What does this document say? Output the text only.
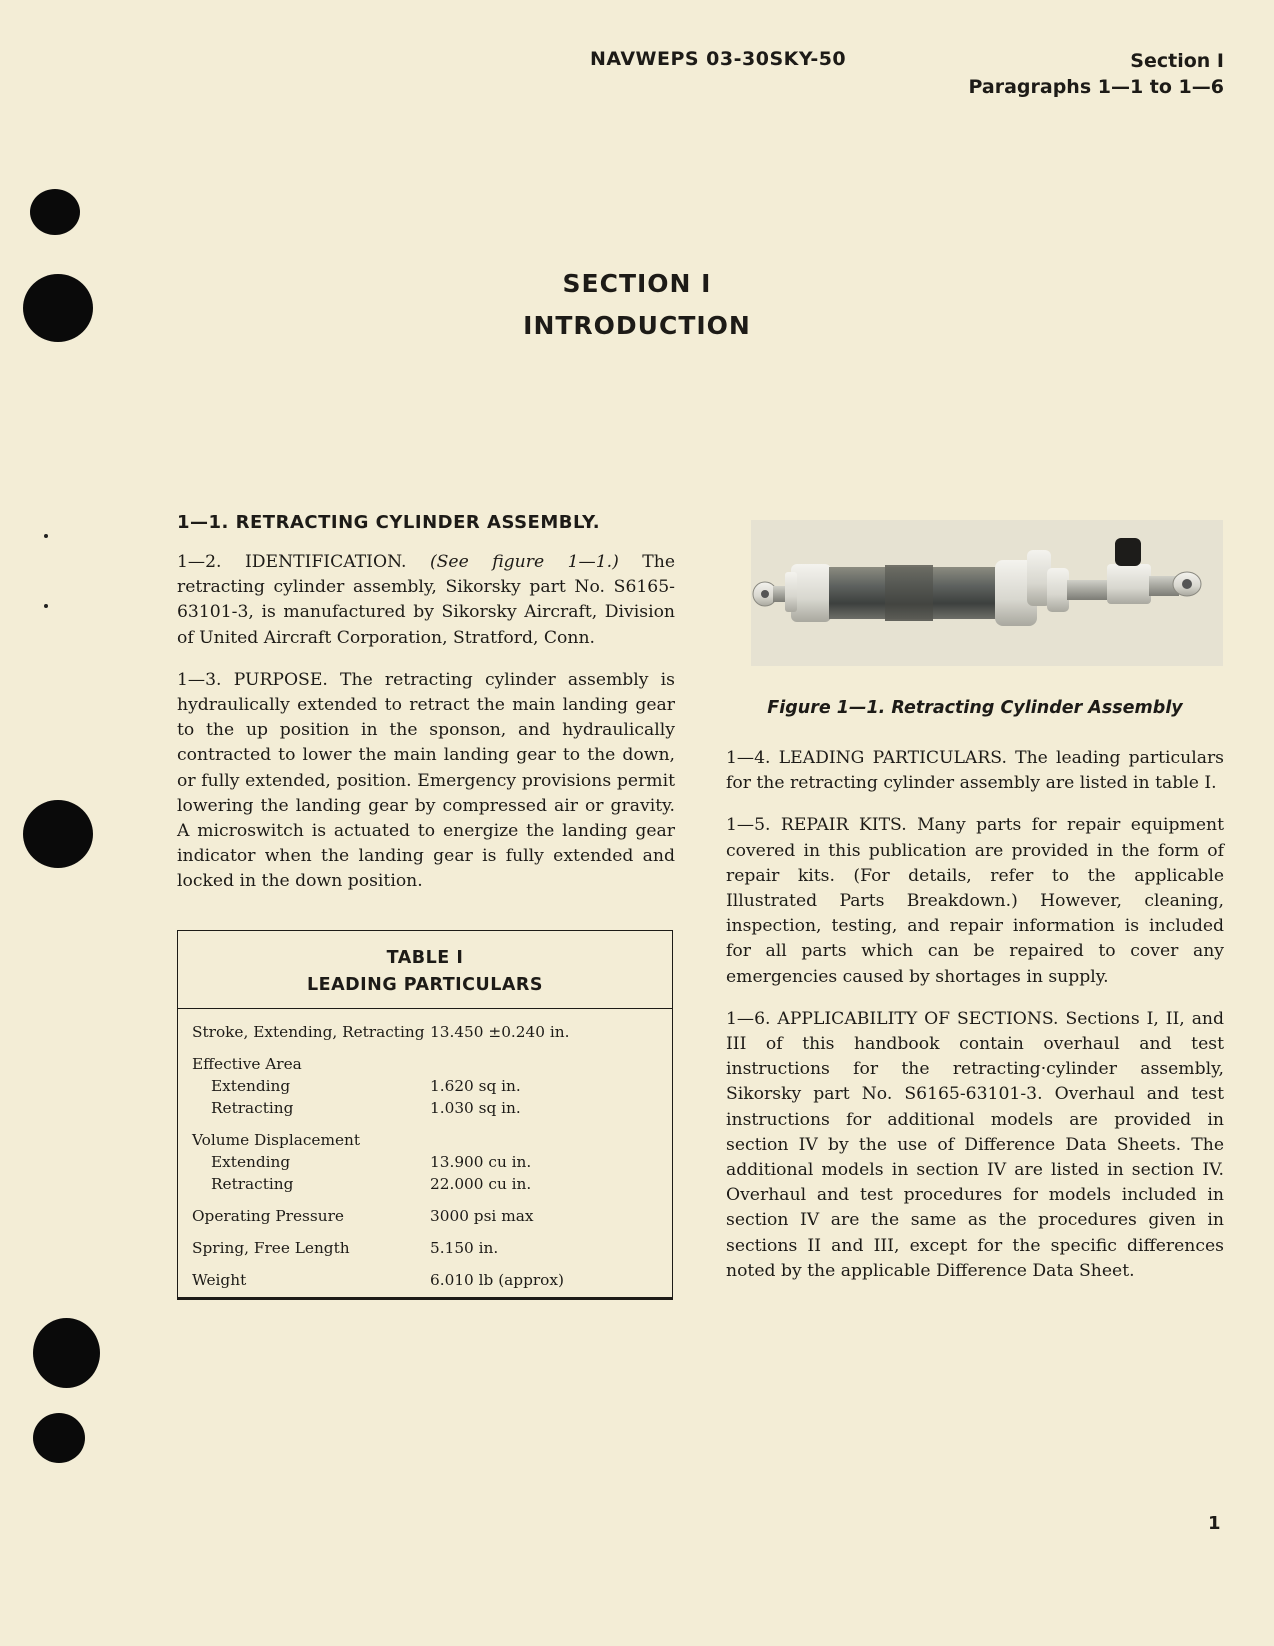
NAVWEPS 03-30SKY-50	Section I
Paragraphs 1—1 to 1—6
SECTION I
INTRODUCTION
1—1. RETRACTING CYLINDER ASSEMBLY.

1—2. IDENTIFICATION. (See figure 1—1.) The retracting cylinder assembly, Sikorsky part No. S6165-63101-3, is manufactured by Sikorsky Aircraft, Division of United Aircraft Corporation, Stratford, Conn.

1—3. PURPOSE. The retracting cylinder assembly is hydraulically extended to retract the main landing gear to the up position in the sponson, and hydraulically contracted to lower the main landing gear to the down, or fully extended, position. Emergency provisions permit lowering the landing gear by compressed air or gravity. A microswitch is actuated to energize the landing gear indicator when the landing gear is fully extended and locked in the down position.

TABLE I
LEADING PARTICULARS
Stroke, Extending, Retracting 13.450 ±0.240 in.
Effective Area
Extending	1.620 sq in.
Retracting	1.030 sq in.
Volume Displacement
Extending	13.900 cu in.
Retracting	22.000 cu in.
Operating Pressure	3000 psi max
Spring, Free Length	5.150 in.
Weight	6.010 lb (approx)
Figure 1—1. Retracting Cylinder Assembly

1—4. LEADING PARTICULARS. The leading particulars for the retracting cylinder assembly are listed in table I.

1—5. REPAIR KITS. Many parts for repair equipment covered in this publication are provided in the form of repair kits. (For details, refer to the applicable Illustrated Parts Breakdown.) However, cleaning, inspection, testing, and repair information is included for all parts which can be repaired to cover any emergencies caused by shortages in supply.

1—6. APPLICABILITY OF SECTIONS. Sections I, II, and III of this handbook contain overhaul and test instructions for the retracting·cylinder assembly, Sikorsky part No. S6165-63101-3. Overhaul and test instructions for additional models are provided in section IV by the use of Difference Data Sheets. The additional models in section IV are listed in section IV. Overhaul and test procedures for models included in section IV are the same as the procedures given in sections II and III, except for the specific differences noted by the applicable Difference Data Sheet.

1
